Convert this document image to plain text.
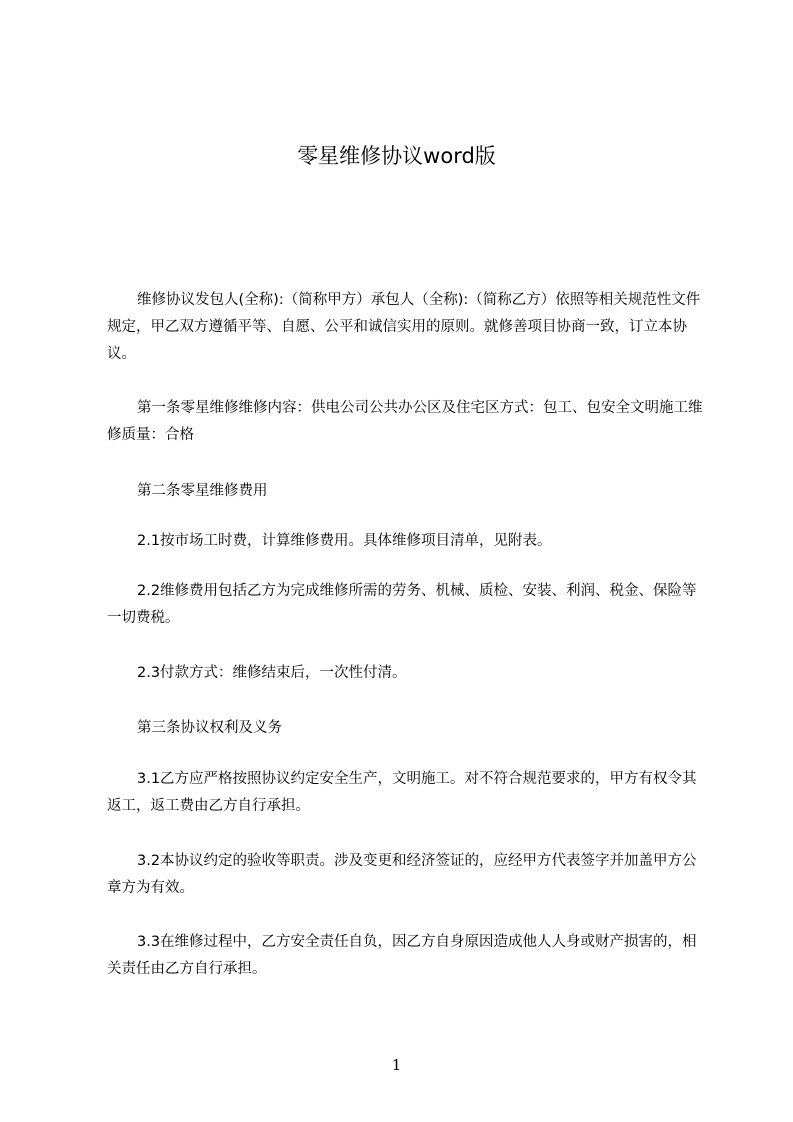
零星维修协议word版

维修协议发包人(全称):（简称甲方）承包人（全称):（简称乙方）依照等相关规范性文件规定，甲乙双方遵循平等、自愿、公平和诚信实用的原则。就修善项目协商一致，订立本协议。

第一条零星维修维修内容：供电公司公共办公区及住宅区方式：包工、包安全文明施工维修质量：合格

第二条零星维修费用

2.1按市场工时费，计算维修费用。具体维修项目清单，见附表。

2.2维修费用包括乙方为完成维修所需的劳务、机械、质检、安装、利润、税金、保险等一切费税。

2.3付款方式：维修结束后，一次性付清。

第三条协议权利及义务

3.1乙方应严格按照协议约定安全生产，文明施工。对不符合规范要求的，甲方有权令其返工，返工费由乙方自行承担。

3.2本协议约定的验收等职责。涉及变更和经济签证的，应经甲方代表签字并加盖甲方公章方为有效。

3.3在维修过程中，乙方安全责任自负，因乙方自身原因造成他人人身或财产损害的，相关责任由乙方自行承担。

1
